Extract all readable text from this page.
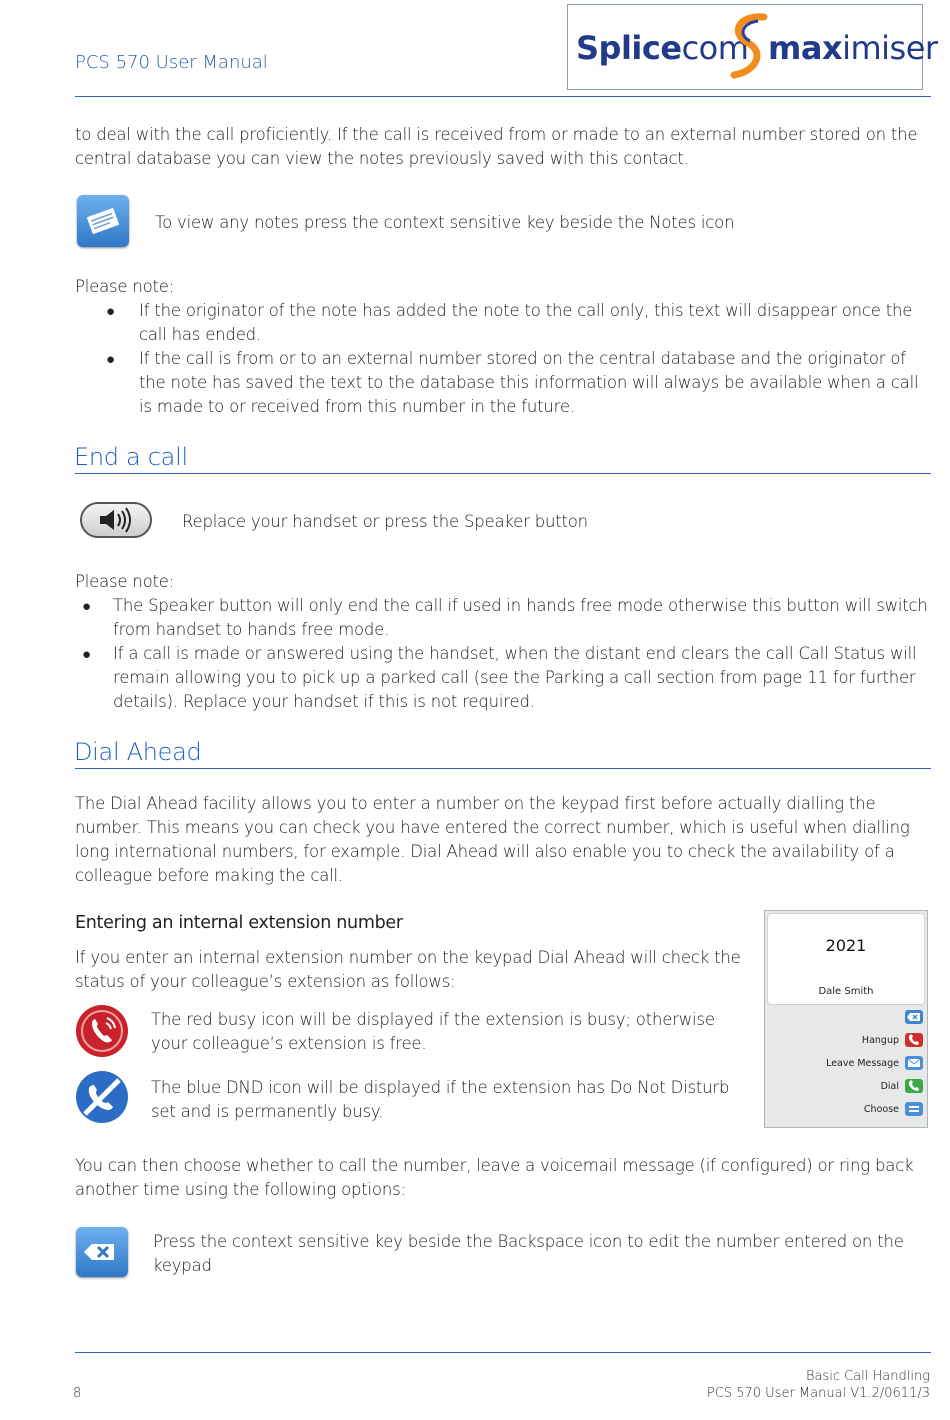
PCS 570 User Manual	Splicecom maximiser
to deal with the call proficiently. If the call is received from or made to an external number stored on the central database you can view the notes previously saved with this contact.
To view any notes press the context sensitive key beside the Notes icon
Please note:
● If the originator of the note has added the note to the call only, this text will disappear once the call has ended.
● If the call is from or to an external number stored on the central database and the originator of the note has saved the text to the database this information will always be available when a call is made to or received from this number in the future.
End a call
Replace your handset or press the Speaker button
Please note:
● The Speaker button will only end the call if used in hands free mode otherwise this button will switch from handset to hands free mode.
● If a call is made or answered using the handset, when the distant end clears the call Call Status will remain allowing you to pick up a parked call (see the Parking a call section from page 11 for further details). Replace your handset if this is not required.
Dial Ahead
The Dial Ahead facility allows you to enter a number on the keypad first before actually dialling the number. This means you can check you have entered the correct number, which is useful when dialling long international numbers, for example. Dial Ahead will also enable you to check the availability of a colleague before making the call.
Entering an internal extension number
If you enter an internal extension number on the keypad Dial Ahead will check the status of your colleague’s extension as follows:
The red busy icon will be displayed if the extension is busy; otherwise your colleague’s extension is free.
The blue DND icon will be displayed if the extension has Do Not Disturb set and is permanently busy.
2021
Dale Smith
Hangup
Leave Message
Dial
Choose
You can then choose whether to call the number, leave a voicemail message (if configured) or ring back another time using the following options:
Press the context sensitive key beside the Backspace icon to edit the number entered on the keypad
8
Basic Call Handling
PCS 570 User Manual V1.2/0611/3
